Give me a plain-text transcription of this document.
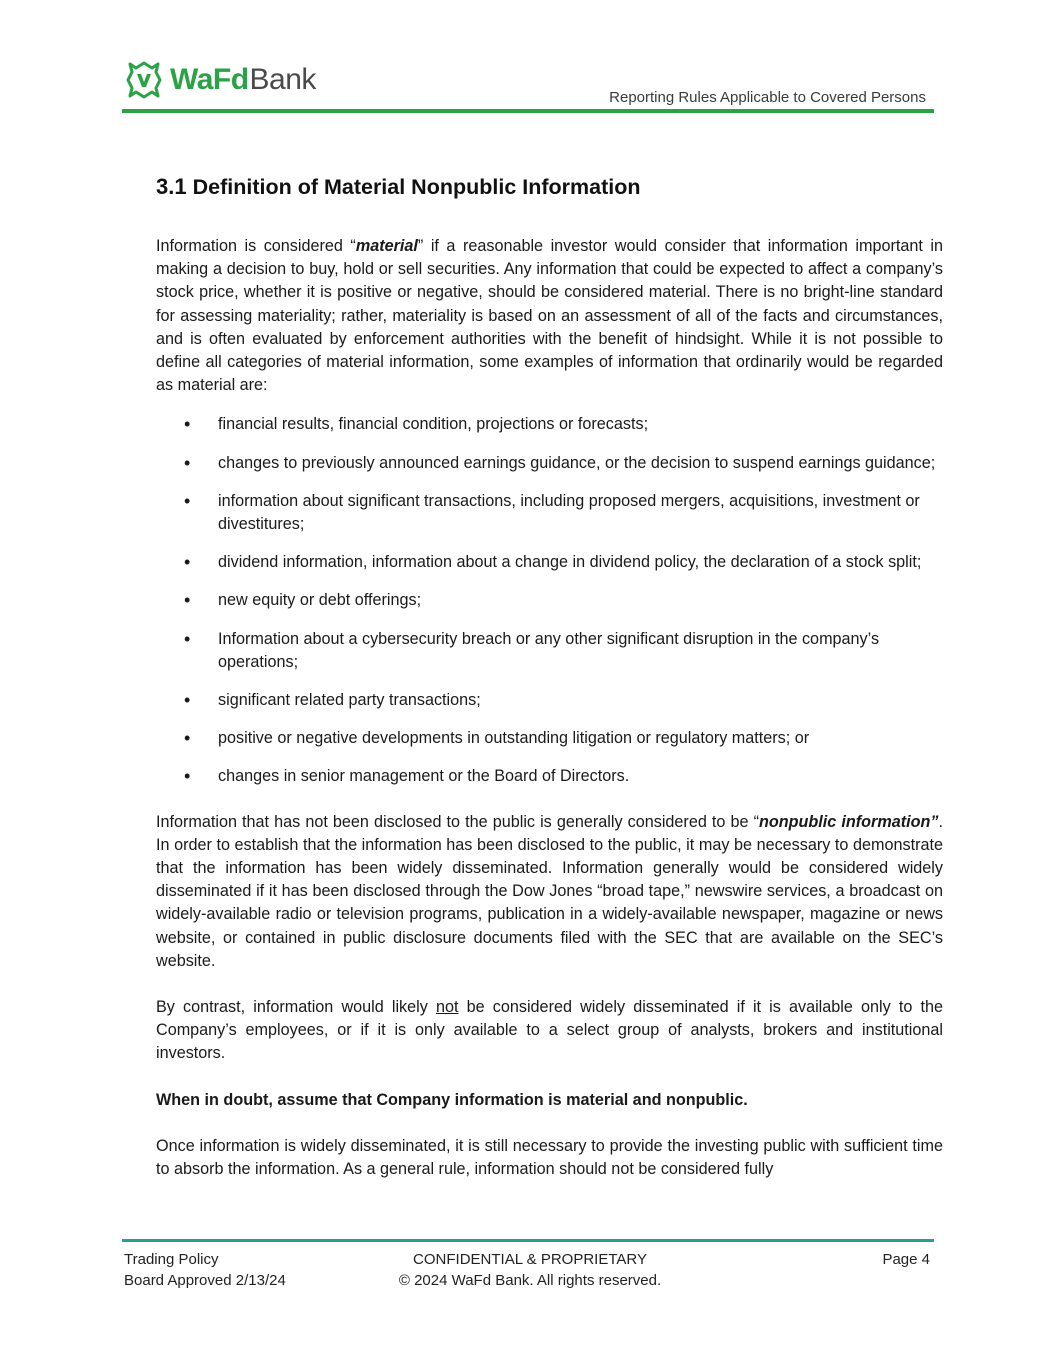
WaFdBank
Reporting Rules Applicable to Covered Persons
3.1 Definition of Material Nonpublic Information

Information is considered “material” if a reasonable investor would consider that information important in making a decision to buy, hold or sell securities. Any information that could be expected to affect a company’s stock price, whether it is positive or negative, should be considered material. There is no bright-line standard for assessing materiality; rather, materiality is based on an assessment of all of the facts and circumstances, and is often evaluated by enforcement authorities with the benefit of hindsight. While it is not possible to define all categories of material information, some examples of information that ordinarily would be regarded as material are:

• financial results, financial condition, projections or forecasts;
• changes to previously announced earnings guidance, or the decision to suspend earnings guidance;
• information about significant transactions, including proposed mergers, acquisitions, investment or divestitures;
• dividend information, information about a change in dividend policy, the declaration of a stock split;
• new equity or debt offerings;
• Information about a cybersecurity breach or any other significant disruption in the company’s operations;
• significant related party transactions;
• positive or negative developments in outstanding litigation or regulatory matters; or
• changes in senior management or the Board of Directors.

Information that has not been disclosed to the public is generally considered to be “nonpublic information”. In order to establish that the information has been disclosed to the public, it may be necessary to demonstrate that the information has been widely disseminated. Information generally would be considered widely disseminated if it has been disclosed through the Dow Jones “broad tape,” newswire services, a broadcast on widely-available radio or television programs, publication in a widely-available newspaper, magazine or news website, or contained in public disclosure documents filed with the SEC that are available on the SEC’s website.

By contrast, information would likely not be considered widely disseminated if it is available only to the Company’s employees, or if it is only available to a select group of analysts, brokers and institutional investors.

When in doubt, assume that Company information is material and nonpublic.

Once information is widely disseminated, it is still necessary to provide the investing public with sufficient time to absorb the information. As a general rule, information should not be considered fully

Trading Policy
Board Approved 2/13/24
CONFIDENTIAL & PROPRIETARY
© 2024 WaFd Bank. All rights reserved.
Page 4
